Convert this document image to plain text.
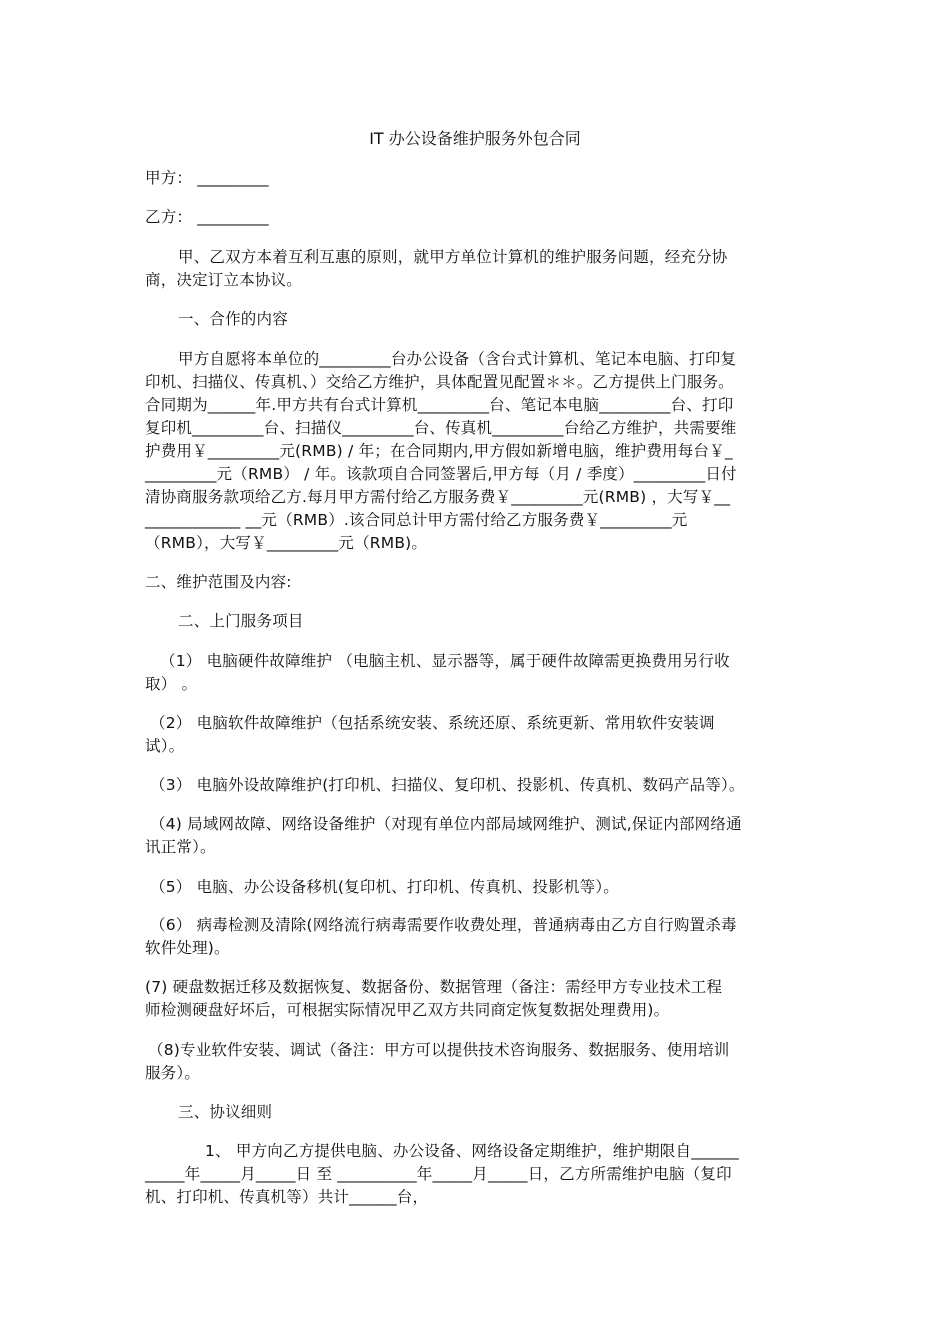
IT 办公设备维护服务外包合同
甲方： _________
乙方： _________
甲、乙双方本着互利互惠的原则，就甲方单位计算机的维护服务问题，经充分协
商，决定订立本协议。
一、合作的内容
甲方自愿将本单位的_________台办公设备（含台式计算机、笔记本电脑、打印复
印机、扫描仪、传真机、）交给乙方维护，具体配置见配置＊＊。乙方提供上门服务。
合同期为______年.甲方共有台式计算机_________台、笔记本电脑_________台、打印
复印机_________台、扫描仪_________台、传真机_________台给乙方维护，共需要维
护费用￥_________元(RMB) / 年；在合同期内,甲方假如新增电脑，维护费用每台￥_
_________元（RMB） / 年。该款项自合同签署后,甲方每（月 / 季度）_________日付
清协商服务款项给乙方.每月甲方需付给乙方服务费￥_________元(RMB) ，大写￥__
____________ __元（RMB）.该合同总计甲方需付给乙方服务费￥_________元
（RMB），大写￥_________元（RMB)。
二、维护范围及内容:
二、上门服务项目
（1） 电脑硬件故障维护 （电脑主机、显示器等，属于硬件故障需更换费用另行收
取） 。
（2） 电脑软件故障维护（包括系统安装、系统还原、系统更新、常用软件安装调
试）。
（3） 电脑外设故障维护(打印机、扫描仪、复印机、投影机、传真机、数码产品等）。
（4) 局域网故障、网络设备维护（对现有单位内部局域网维护、测试,保证内部网络通
讯正常）。
（5） 电脑、办公设备移机(复印机、打印机、传真机、投影机等）。
（6） 病毒检测及清除(网络流行病毒需要作收费处理，普通病毒由乙方自行购置杀毒
软件处理)。
(7) 硬盘数据迁移及数据恢复、数据备份、数据管理（备注：需经甲方专业技术工程
师检测硬盘好坏后，可根据实际情况甲乙双方共同商定恢复数据处理费用)。
（8)专业软件安装、调试（备注：甲方可以提供技术咨询服务、数据服务、使用培训
服务）。
三、协议细则
1、 甲方向乙方提供电脑、办公设备、网络设备定期维护，维护期限自______
_____年_____月_____日 至 __________年_____月_____日，乙方所需维护电脑（复印
机、打印机、传真机等）共计______台，
